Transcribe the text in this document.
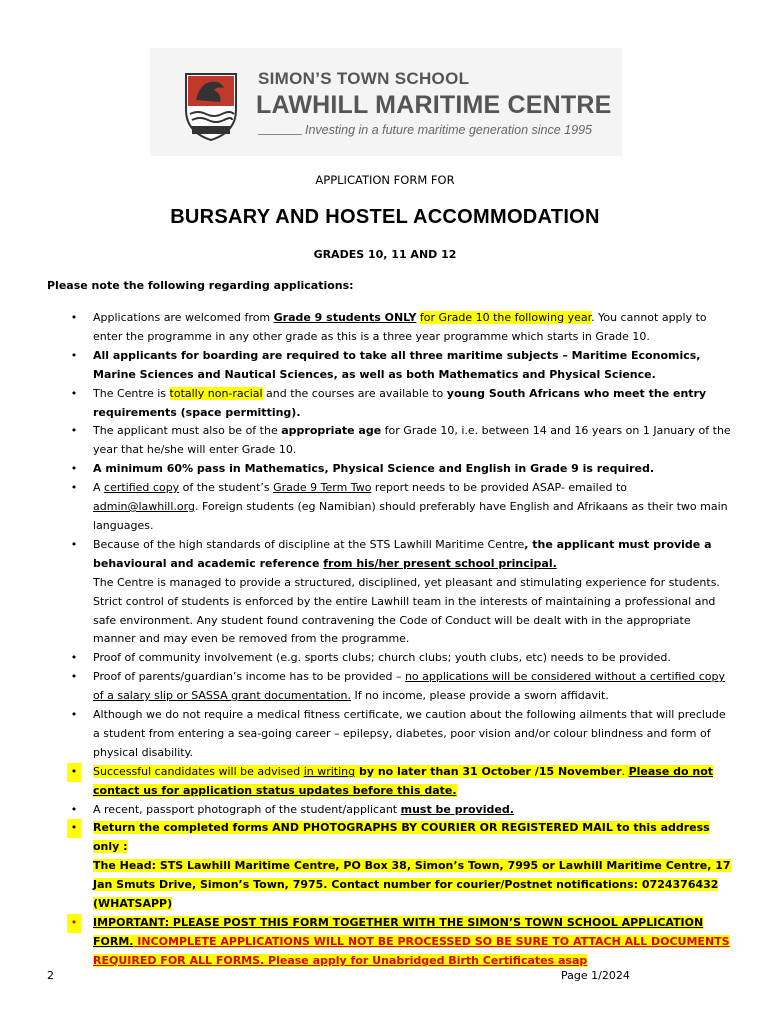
SIMON’S TOWN SCHOOL
LAWHILL MARITIME CENTRE
Investing in a future maritime generation since 1995
APPLICATION FORM FOR
BURSARY AND HOSTEL ACCOMMODATION
GRADES 10, 11 AND 12
Please note the following regarding applications:
•	Applications are welcomed from Grade 9 students ONLY for Grade 10 the following year. You cannot apply to enter the programme in any other grade as this is a three year programme which starts in Grade 10.
•	All applicants for boarding are required to take all three maritime subjects – Maritime Economics, Marine Sciences and Nautical Sciences, as well as both Mathematics and Physical Science.
•	The Centre is totally non-racial and the courses are available to young South Africans who meet the entry requirements (space permitting).
•	The applicant must also be of the appropriate age for Grade 10, i.e. between 14 and 16 years on 1 January of the year that he/she will enter Grade 10.
•	A minimum 60% pass in Mathematics, Physical Science and English in Grade 9 is required.
•	A certified copy of the student’s Grade 9 Term Two report needs to be provided ASAP- emailed to admin@lawhill.org. Foreign students (eg Namibian) should preferably have English and Afrikaans as their two main languages.
•	Because of the high standards of discipline at the STS Lawhill Maritime Centre, the applicant must provide a behavioural and academic reference from his/her present school principal.
The Centre is managed to provide a structured, disciplined, yet pleasant and stimulating experience for students. Strict control of students is enforced by the entire Lawhill team in the interests of maintaining a professional and safe environment. Any student found contravening the Code of Conduct will be dealt with in the appropriate manner and may even be removed from the programme.
•	Proof of community involvement (e.g. sports clubs; church clubs; youth clubs, etc) needs to be provided.
•	Proof of parents/guardian’s income has to be provided – no applications will be considered without a certified copy of a salary slip or SASSA grant documentation. If no income, please provide a sworn affidavit.
•	Although we do not require a medical fitness certificate, we caution about the following ailments that will preclude a student from entering a sea-going career – epilepsy, diabetes, poor vision and/or colour blindness and form of physical disability.
•	Successful candidates will be advised in writing by no later than 31 October /15 November. Please do not contact us for application status updates before this date.
•	A recent, passport photograph of the student/applicant must be provided.
•	Return the completed forms AND PHOTOGRAPHS BY COURIER OR REGISTERED MAIL to this address only :
The Head: STS Lawhill Maritime Centre, PO Box 38, Simon’s Town, 7995 or Lawhill Maritime Centre, 17 Jan Smuts Drive, Simon’s Town, 7975. Contact number for courier/Postnet notifications: 0724376432 (WHATSAPP)
•	IMPORTANT: PLEASE POST THIS FORM TOGETHER WITH THE SIMON’S TOWN SCHOOL APPLICATION FORM. INCOMPLETE APPLICATIONS WILL NOT BE PROCESSED SO BE SURE TO ATTACH ALL DOCUMENTS REQUIRED FOR ALL FORMS. Please apply for Unabridged Birth Certificates asap
2	Page 1/2024
